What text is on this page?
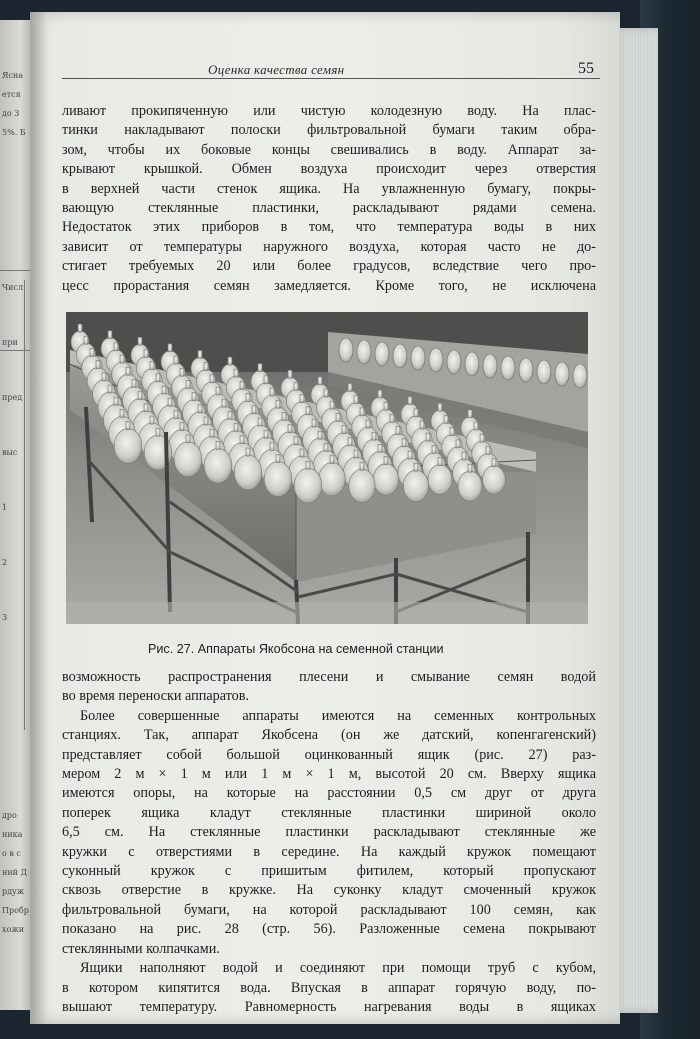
Ясна
ется
до 3
5%. Б
Числ
при
пред
выс
1
2
3
дро
ника
о в с
ний Д
рдуж
Пробр
хожи
Оценка качества семян	55
ливают прокипяченную или чистую колодезную воду. На плас-
тинки накладывают полоски фильтровальной бумаги таким обра-
зом, чтобы их боковые концы свешивались в воду. Аппарат за-
крывают крышкой. Обмен воздуха происходит через отверстия
в верхней части стенок ящика. На увлажненную бумагу, покры-
вающую стеклянные пластинки, раскладывают рядами семена.
Недостаток этих приборов в том, что температура воды в них
зависит от температуры наружного воздуха, которая часто не до-
стигает требуемых 20 или более градусов, вследствие чего про-
цесс прорастания семян замедляется. Кроме того, не исключена
Рис. 27. Аппараты Якобсона на семенной станции
возможность распространения плесени и смывание семян водой
во время переноски аппаратов.
Более совершенные аппараты имеются на семенных контрольных
станциях. Так, аппарат Якобсена (он же датский, копенгагенский)
представляет собой большой оцинкованный ящик (рис. 27) раз-
мером 2 м × 1 м или 1 м × 1 м, высотой 20 см. Вверху ящика
имеются опоры, на которые на расстоянии 0,5 см друг от друга
поперек ящика кладут стеклянные пластинки шириной около
6,5 см. На стеклянные пластинки раскладывают стеклянные же
кружки с отверстиями в середине. На каждый кружок помещают
суконный кружок с пришитым фитилем, который пропускают
сквозь отверстие в кружке. На суконку кладут смоченный кружок
фильтровальной бумаги, на которой раскладывают 100 семян, как
показано на рис. 28 (стр. 56). Разложенные семена покрывают
стеклянными колпачками.
Ящики наполняют водой и соединяют при помощи труб с кубом,
в котором кипятится вода. Впуская в аппарат горячую воду, по-
вышают температуру. Равномерность нагревания воды в ящиках
